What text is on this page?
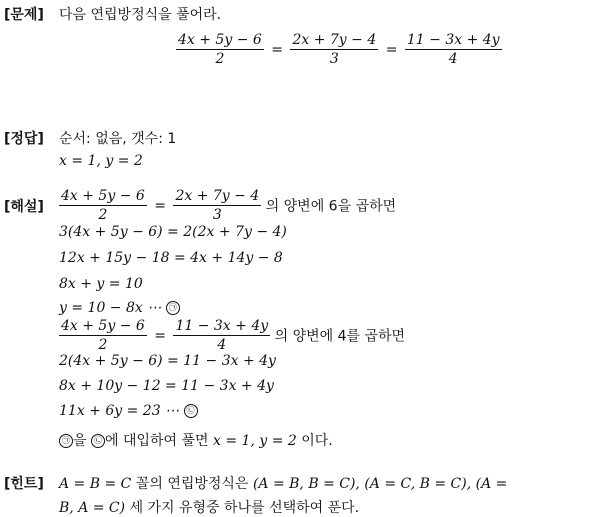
[문제] 다음 연립방정식을 풀어라.
$\frac{4x + 5y - 6}{2} = \frac{2x + 7y - 4}{3} = \frac{11 - 3x + 4y}{4}$
[정답] 순서: 없음, 갯수: 1
x = 1, y = 2
[해설] $\frac{4x + 5y - 6}{2} = \frac{2x + 7y - 4}{3}$ 의 양변에 6을 곱하면
3(4x + 5y − 6) = 2(2x + 7y − 4)
12x + 15y − 18 = 4x + 14y − 8
8x + y = 10
y = 10 − 8x ⋯ ㉠
$\frac{4x + 5y - 6}{2} = \frac{11 - 3x + 4y}{4}$ 의 양변에 4를 곱하면
2(4x + 5y − 6) = 11 − 3x + 4y
8x + 10y − 12 = 11 − 3x + 4y
11x + 6y = 23 ⋯ ㉡
㉠ 을 ㉡ 에 대입하여 풀면 x = 1, y = 2 이다.
[힌트] A = B = C 꼴의 연립방정식은 (A = B, B = C), (A = C, B = C), (A =
B, A = C) 세 가지 유형중 하나를 선택하여 푼다.
